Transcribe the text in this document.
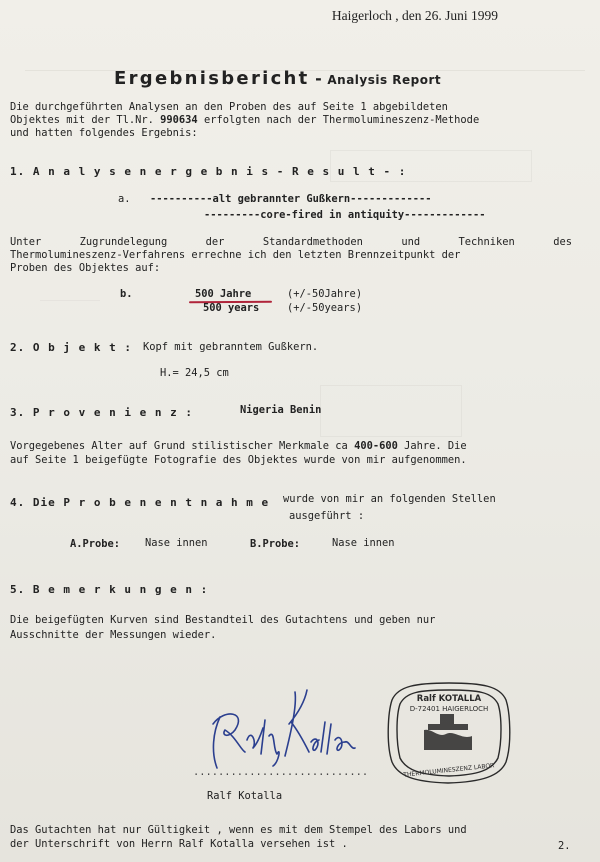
Haigerloch , den 26. Juni 1999
Ergebnisbericht - Analysis Report
Die durchgeführten Analysen an den Proben des auf Seite 1 abgebildeten
Objektes mit der Tl.Nr. 990634 erfolgten nach der Thermolumineszenz-Methode
und hatten folgendes Ergebnis:
1. A n a l y s e n e r g e b n i s - R e s u l t - :
a. ----------alt gebrannter Gußkern-------------
---------core-fired in antiquity-------------
Unter	Zugrundelegung	der	Standardmethoden	und	Techniken	des
Thermolumineszenz-Verfahrens errechne ich den letzten Brennzeitpunkt der
Proben des Objektes auf:
b.	500 Jahre	(+/-50Jahre)
500 years	(+/-50years)
2. O b j e k t : Kopf mit gebranntem Gußkern.
H.= 24,5 cm
3. P r o v e n i e n z :	Nigeria Benin
Vorgegebenes Alter auf Grund stilistischer Merkmale ca 400-600 Jahre. Die
auf Seite 1 beigefügte Fotografie des Objektes wurde von mir aufgenommen.
4. Die P r o b e n e n t n a h m e wurde von mir an folgenden Stellen
ausgeführt :
A.Probe: Nase innen	B.Probe:	Nase innen
5. B e m e r k u n g e n :
Die beigefügten Kurven sind Bestandteil des Gutachtens und geben nur
Ausschnitte der Messungen wieder.
............................
Ralf Kotalla
Ralf KOTALLA
D-72401 HAIGERLOCH
THERMOLUMINESZENZ LABOR
Das Gutachten hat nur Gültigkeit , wenn es mit dem Stempel des Labors und
der Unterschrift von Herrn Ralf Kotalla versehen ist .	2.
